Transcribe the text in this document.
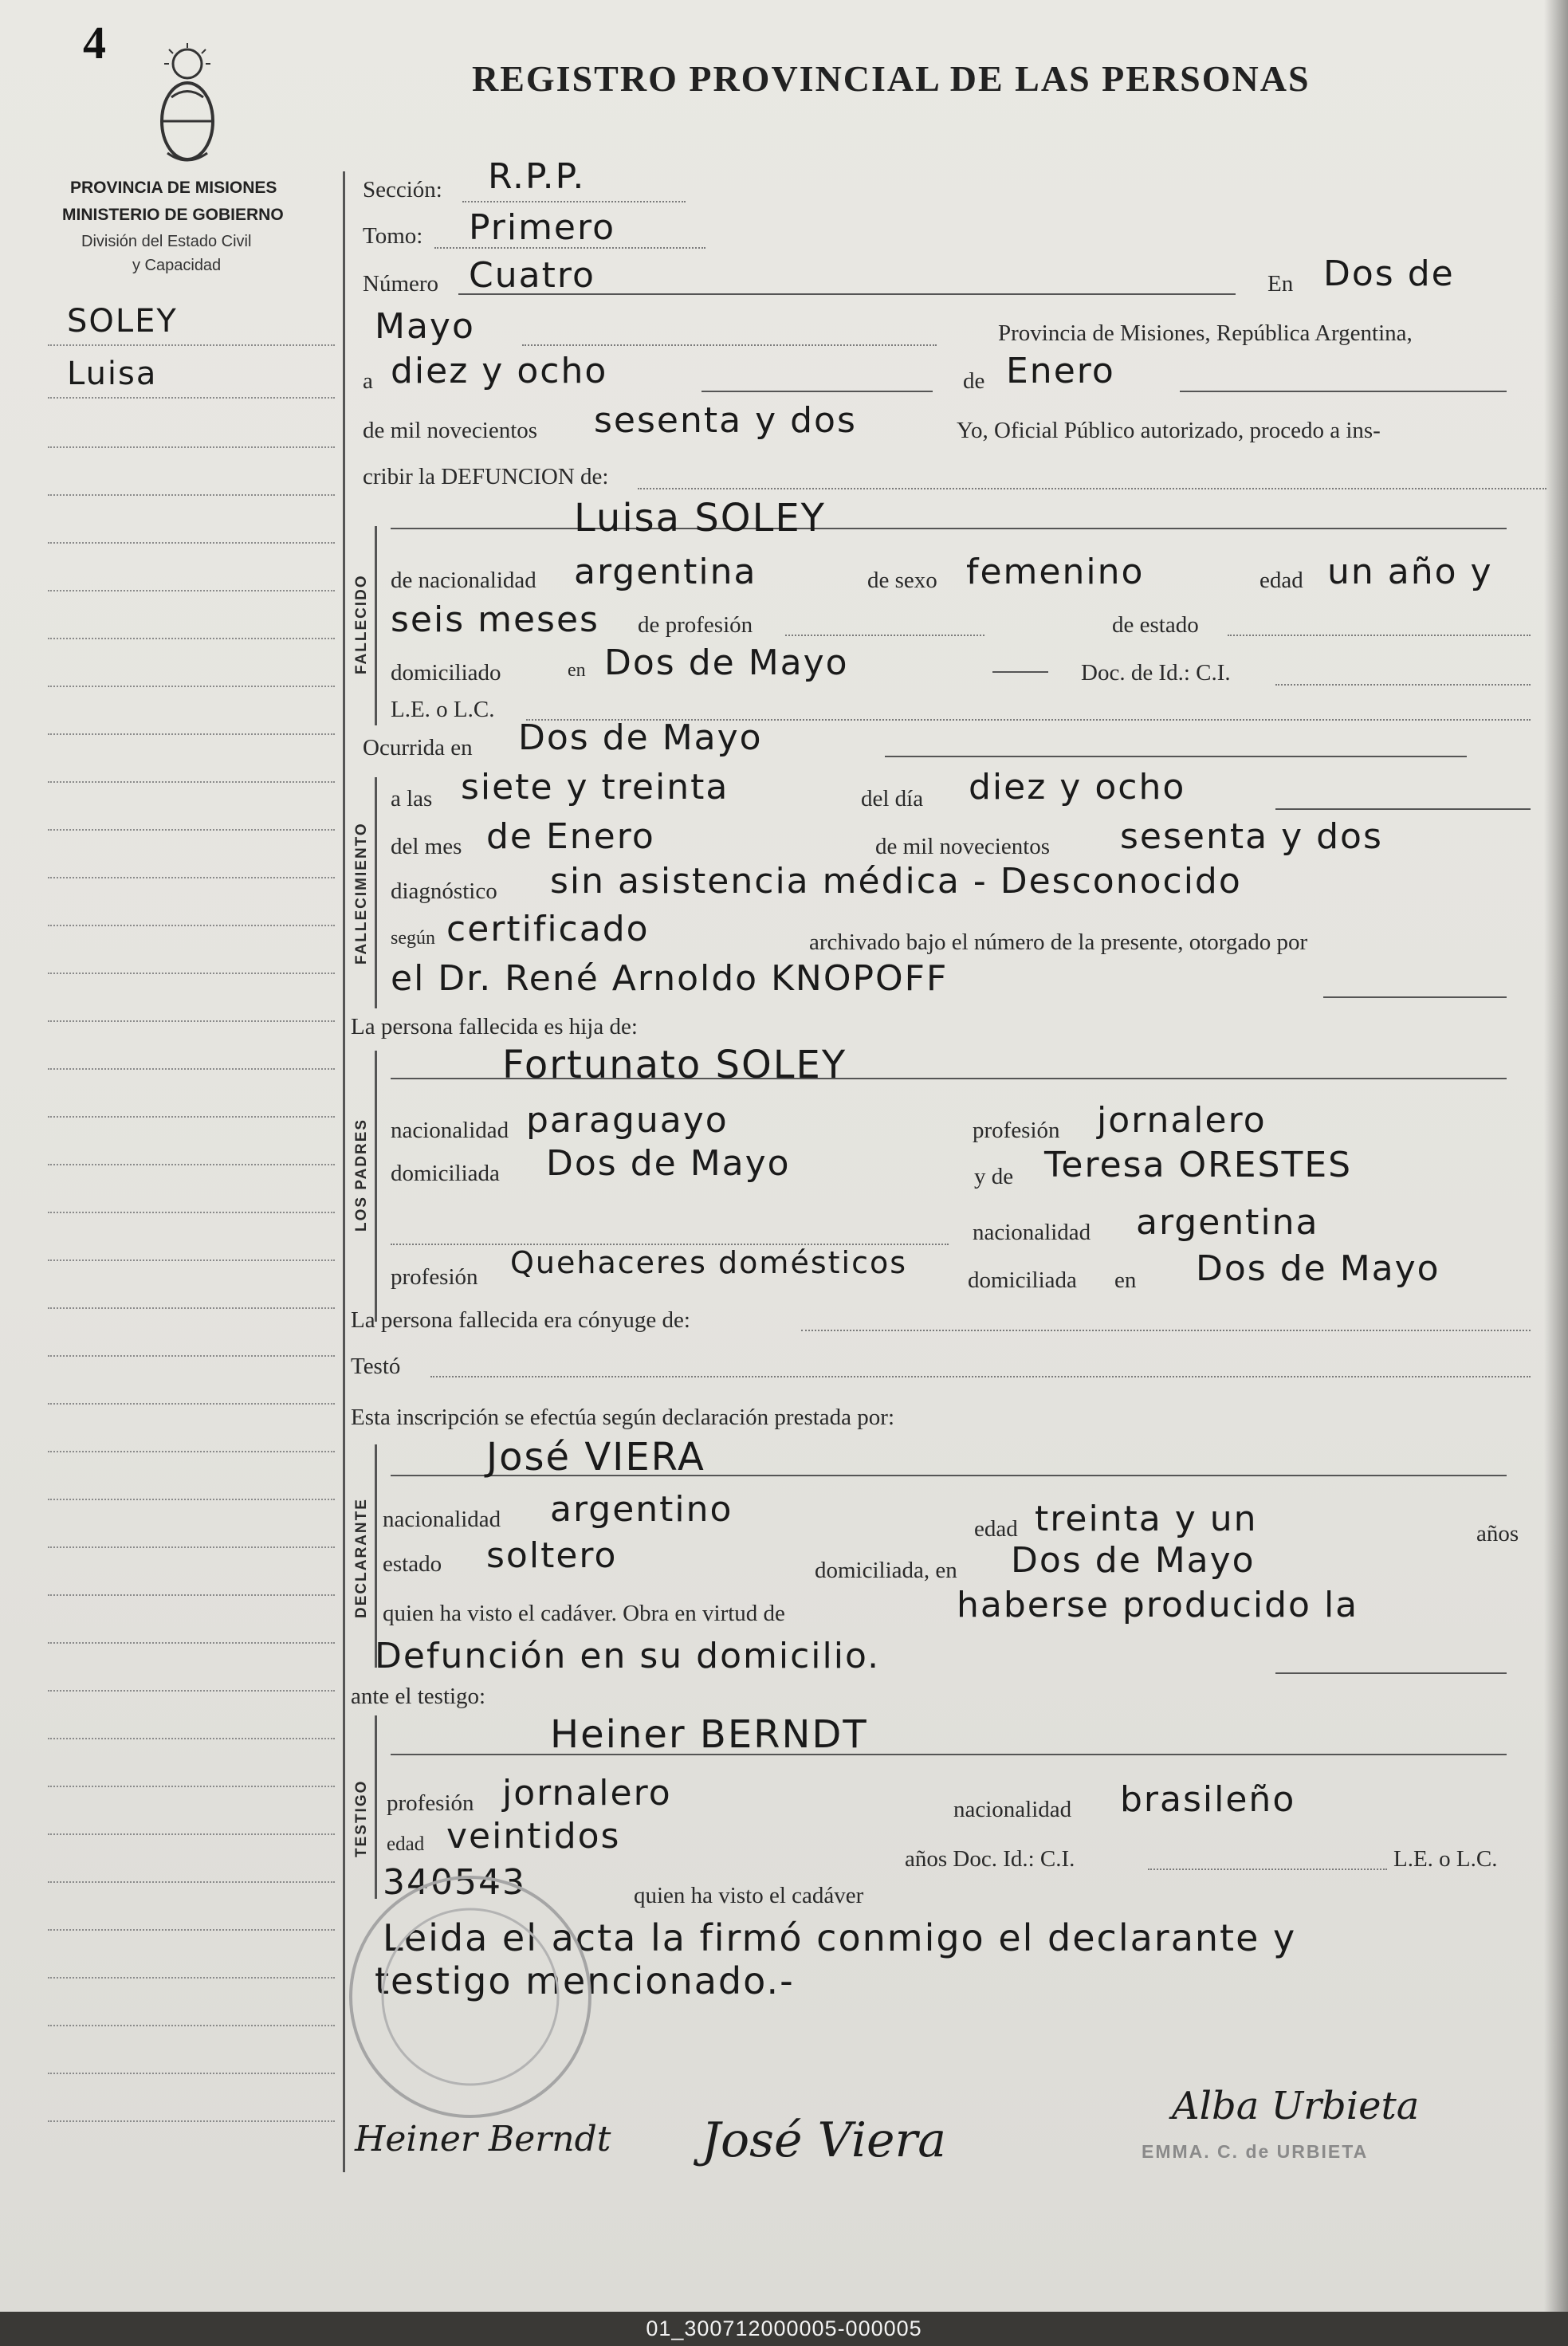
4
REGISTRO PROVINCIAL DE LAS PERSONAS
PROVINCIA DE MISIONES
MINISTERIO DE GOBIERNO
División del Estado Civil
y Capacidad
SOLEY
Luisa
Sección: R.P.P.
Tomo: Primero
Número Cuatro	En Dos de
Mayo	Provincia de Misiones, República Argentina,
a diez y ocho	de Enero
de mil novecientos sesenta y dos	Yo, Oficial Público autorizado, procedo a ins-
cribir la DEFUNCION de:
FALLECIDO
Luisa SOLEY
de nacionalidad argentina	de sexo femenino	edad un año y
seis meses de profesión	de estado
domiciliado	en Dos de Mayo	Doc. de Id.: C.I.
L.E. o L.C.
Ocurrida en Dos de Mayo
FALLECIMIENTO
a las siete y treinta	del día diez y ocho
del mes de Enero	de mil novecientos sesenta y dos
diagnóstico sin asistencia médica - Desconocido
según certificado	archivado bajo el número de la presente, otorgado por
el Dr. René Arnoldo KNOPOFF
La persona fallecida es hija de:
LOS PADRES
Fortunato SOLEY
nacionalidad paraguayo	profesión jornalero
domiciliada Dos de Mayo	y de Teresa ORESTES
nacionalidad argentina
profesión Quehaceres domésticos	domiciliada en Dos de Mayo
La persona fallecida era cónyuge de:
Testó
Esta inscripción se efectúa según declaración prestada por:
DECLARANTE
José VIERA
nacionalidad argentino	edad treinta y un	años
estado soltero	domiciliada, en Dos de Mayo
quien ha visto el cadáver. Obra en virtud de	haberse producido la
Defunción en su domicilio.
ante el testigo:
TESTIGO
Heiner BERNDT
profesión jornalero	nacionalidad brasileño
edad veintidos
años Doc. Id.: C.I.	L.E. o L.C.
340543	quien ha visto el cadáver
Leida el acta la firmó conmigo el declarante y
testigo mencionado.-
Heiner Berndt José Viera
Alba Urbieta
EMMA. C. de URBIETA
01_300712000005-000005
